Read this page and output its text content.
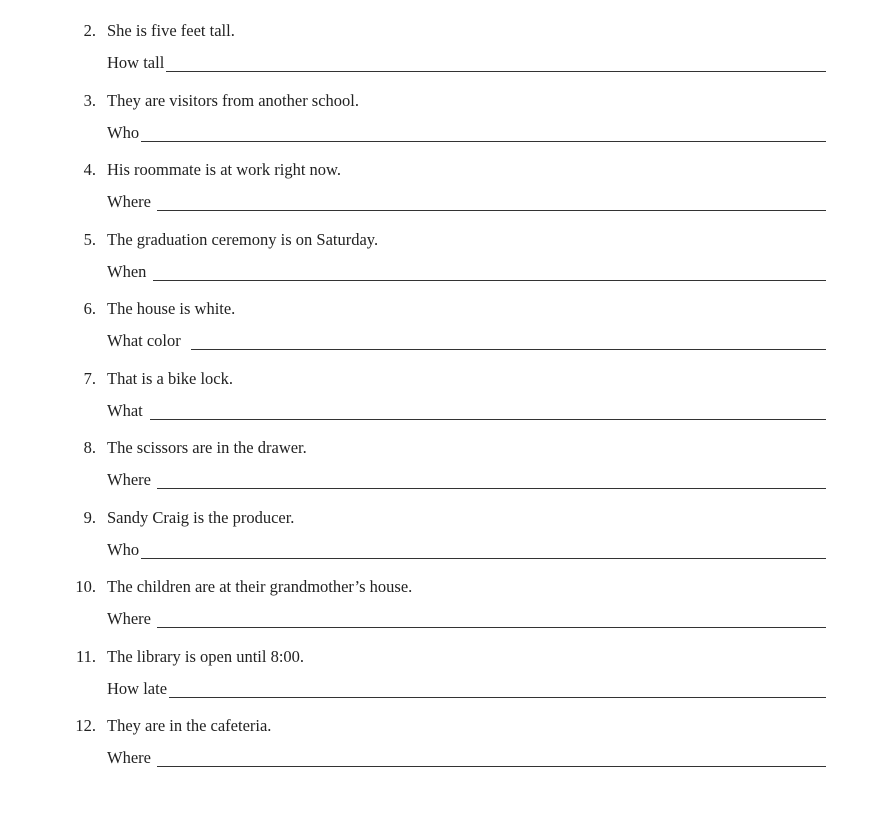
2. She is five feet tall.
How tall
3. They are visitors from another school.
Who
4. His roommate is at work right now.
Where
5. The graduation ceremony is on Saturday.
When
6. The house is white.
What color
7. That is a bike lock.
What
8. The scissors are in the drawer.
Where
9. Sandy Craig is the producer.
Who
10. The children are at their grandmother’s house.
Where
11. The library is open until 8:00.
How late
12. They are in the cafeteria.
Where
